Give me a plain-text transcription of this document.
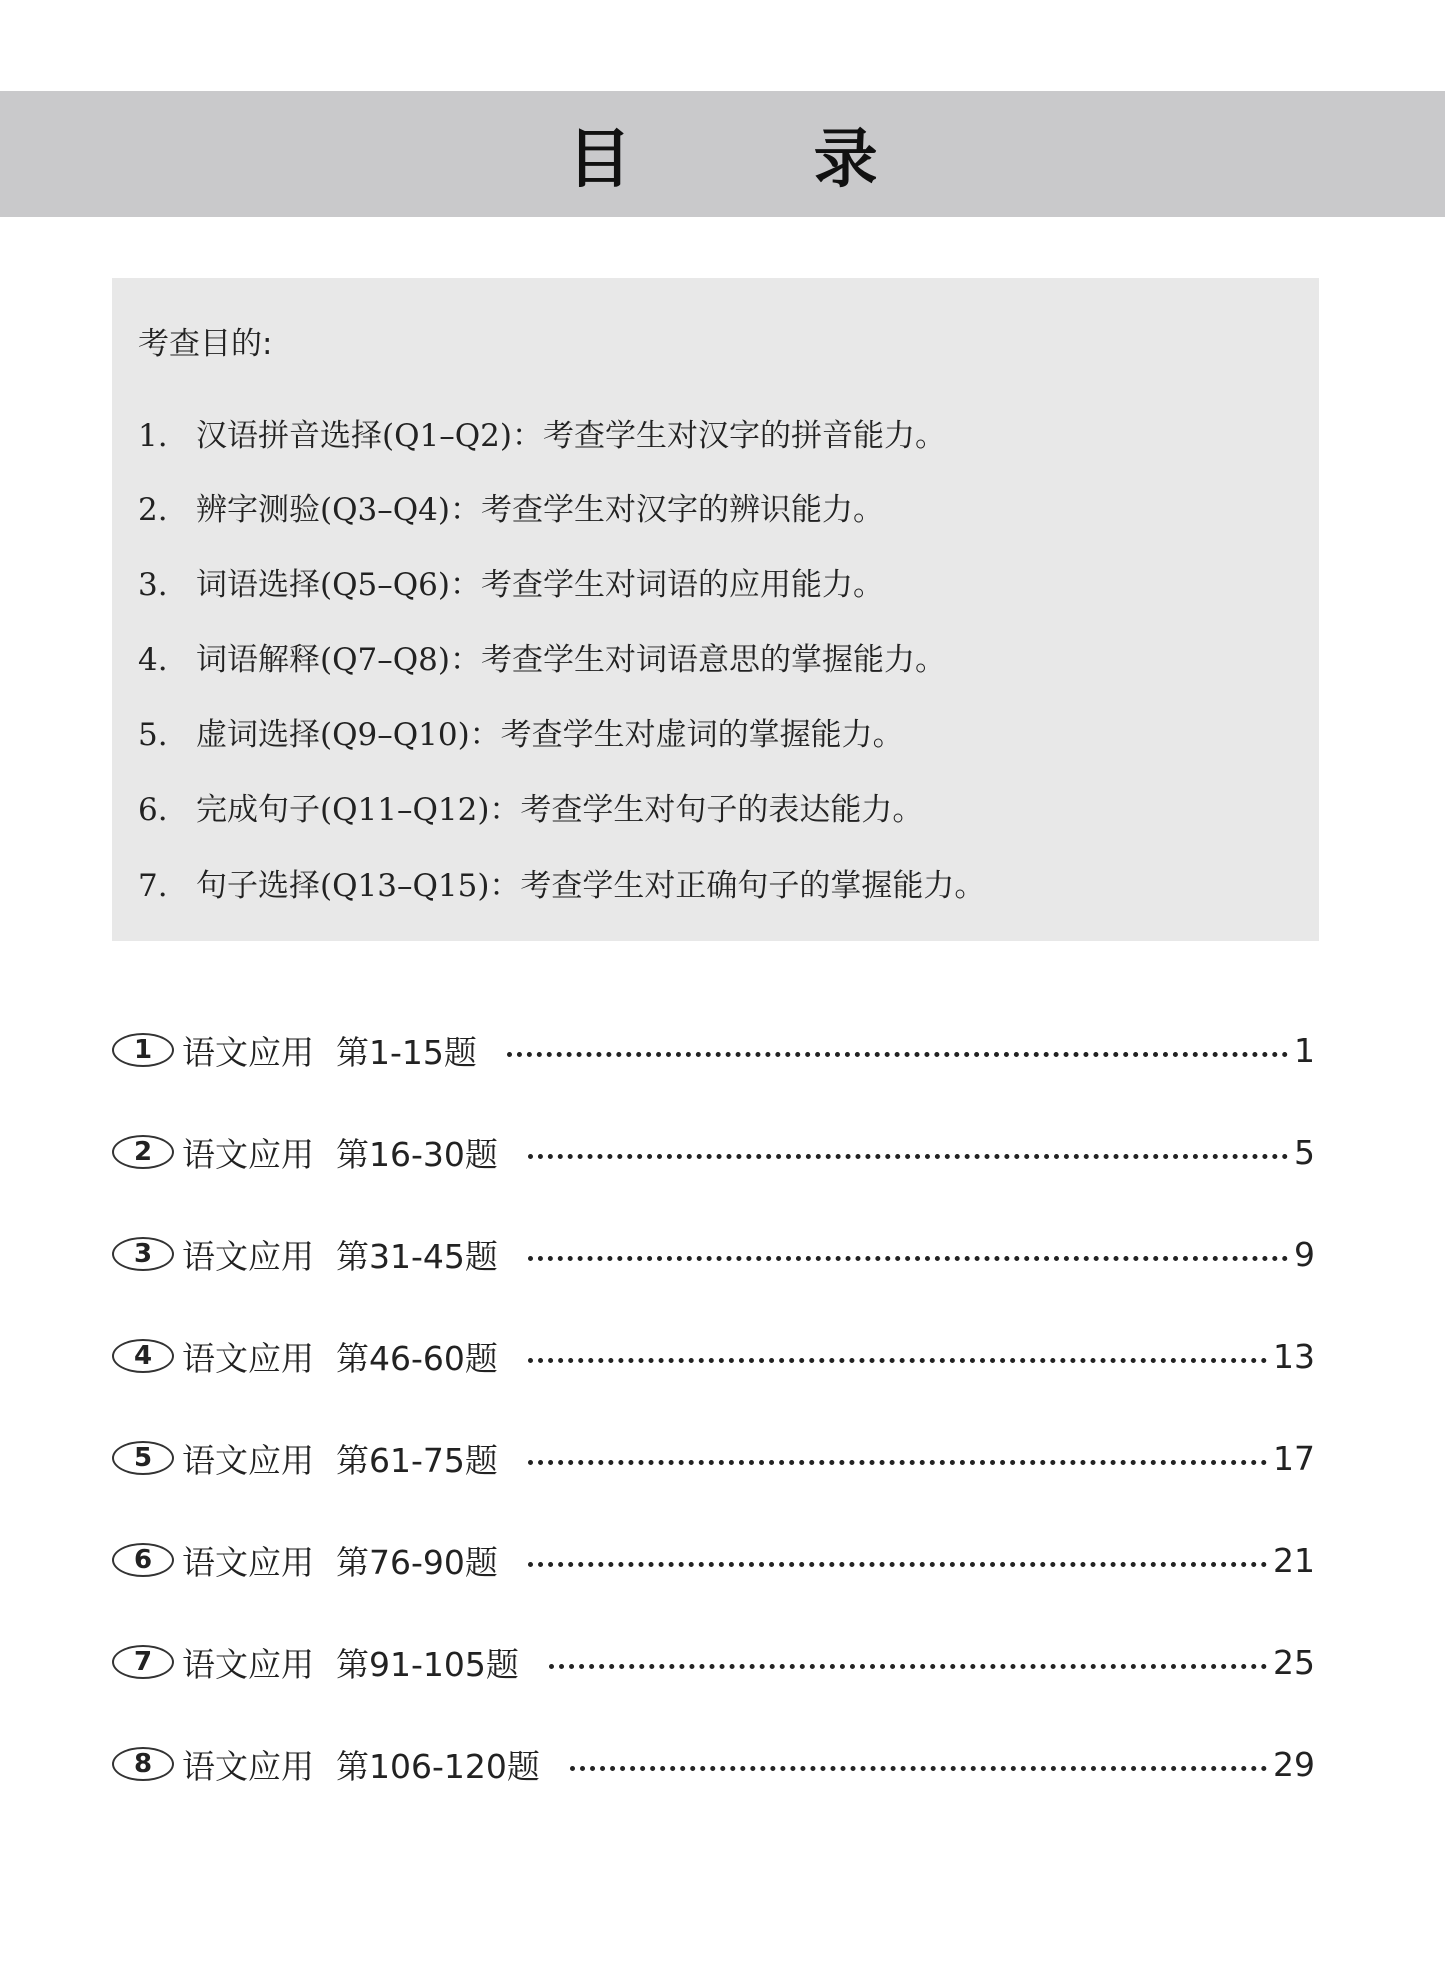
目 录
考查目的:
1. 汉语拼音选择(Q1–Q2)：考查学生对汉字的拼音能力。
2. 辨字测验(Q3–Q4)：考查学生对汉字的辨识能力。
3. 词语选择(Q5–Q6)：考查学生对词语的应用能力。
4. 词语解释(Q7–Q8)：考查学生对词语意思的掌握能力。
5. 虚词选择(Q9–Q10)：考查学生对虚词的掌握能力。
6. 完成句子(Q11–Q12)：考查学生对句子的表达能力。
7. 句子选择(Q13–Q15)：考查学生对正确句子的掌握能力。
1 语文应用 第1-15题	1
2 语文应用 第16-30题	5
3 语文应用 第31-45题	9
4 语文应用 第46-60题	13
5 语文应用 第61-75题	17
6 语文应用 第76-90题	21
7 语文应用 第91-105题	25
8 语文应用 第106-120题	29
